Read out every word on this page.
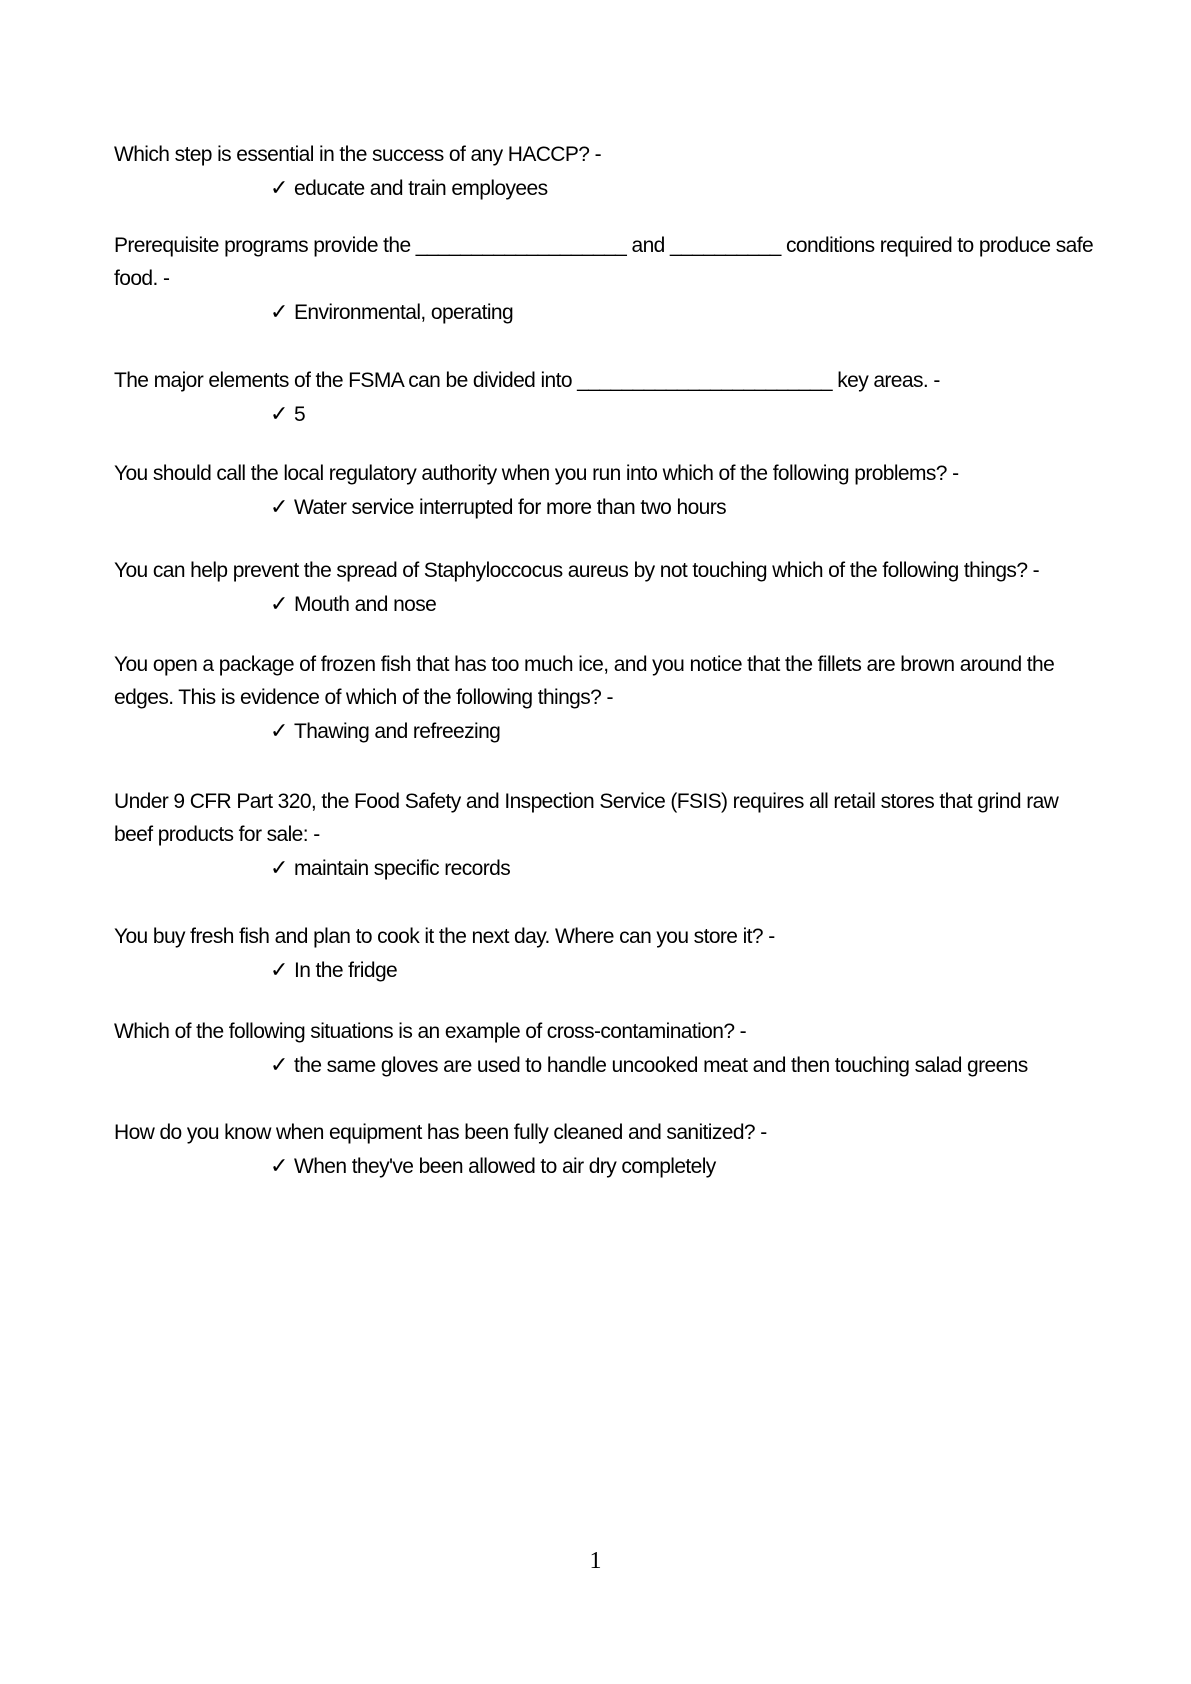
Which step is essential in the success of any HACCP? -

✓ educate and train employees

Prerequisite programs provide the ___________________ and __________ conditions required to produce safe food. -

✓ Environmental, operating

The major elements of the FSMA can be divided into _______________________ key areas. -

✓ 5

You should call the local regulatory authority when you run into which of the following problems? -

✓ Water service interrupted for more than two hours

You can help prevent the spread of Staphyloccocus aureus by not touching which of the following things? -

✓ Mouth and nose

You open a package of frozen fish that has too much ice, and you notice that the fillets are brown around the edges. This is evidence of which of the following things? -

✓ Thawing and refreezing

Under 9 CFR Part 320, the Food Safety and Inspection Service (FSIS) requires all retail stores that grind raw beef products for sale: -

✓ maintain specific records

You buy fresh fish and plan to cook it the next day. Where can you store it? -

✓ In the fridge

Which of the following situations is an example of cross-contamination? -

✓ the same gloves are used to handle uncooked meat and then touching salad greens

How do you know when equipment has been fully cleaned and sanitized? -

✓ When they've been allowed to air dry completely

1
